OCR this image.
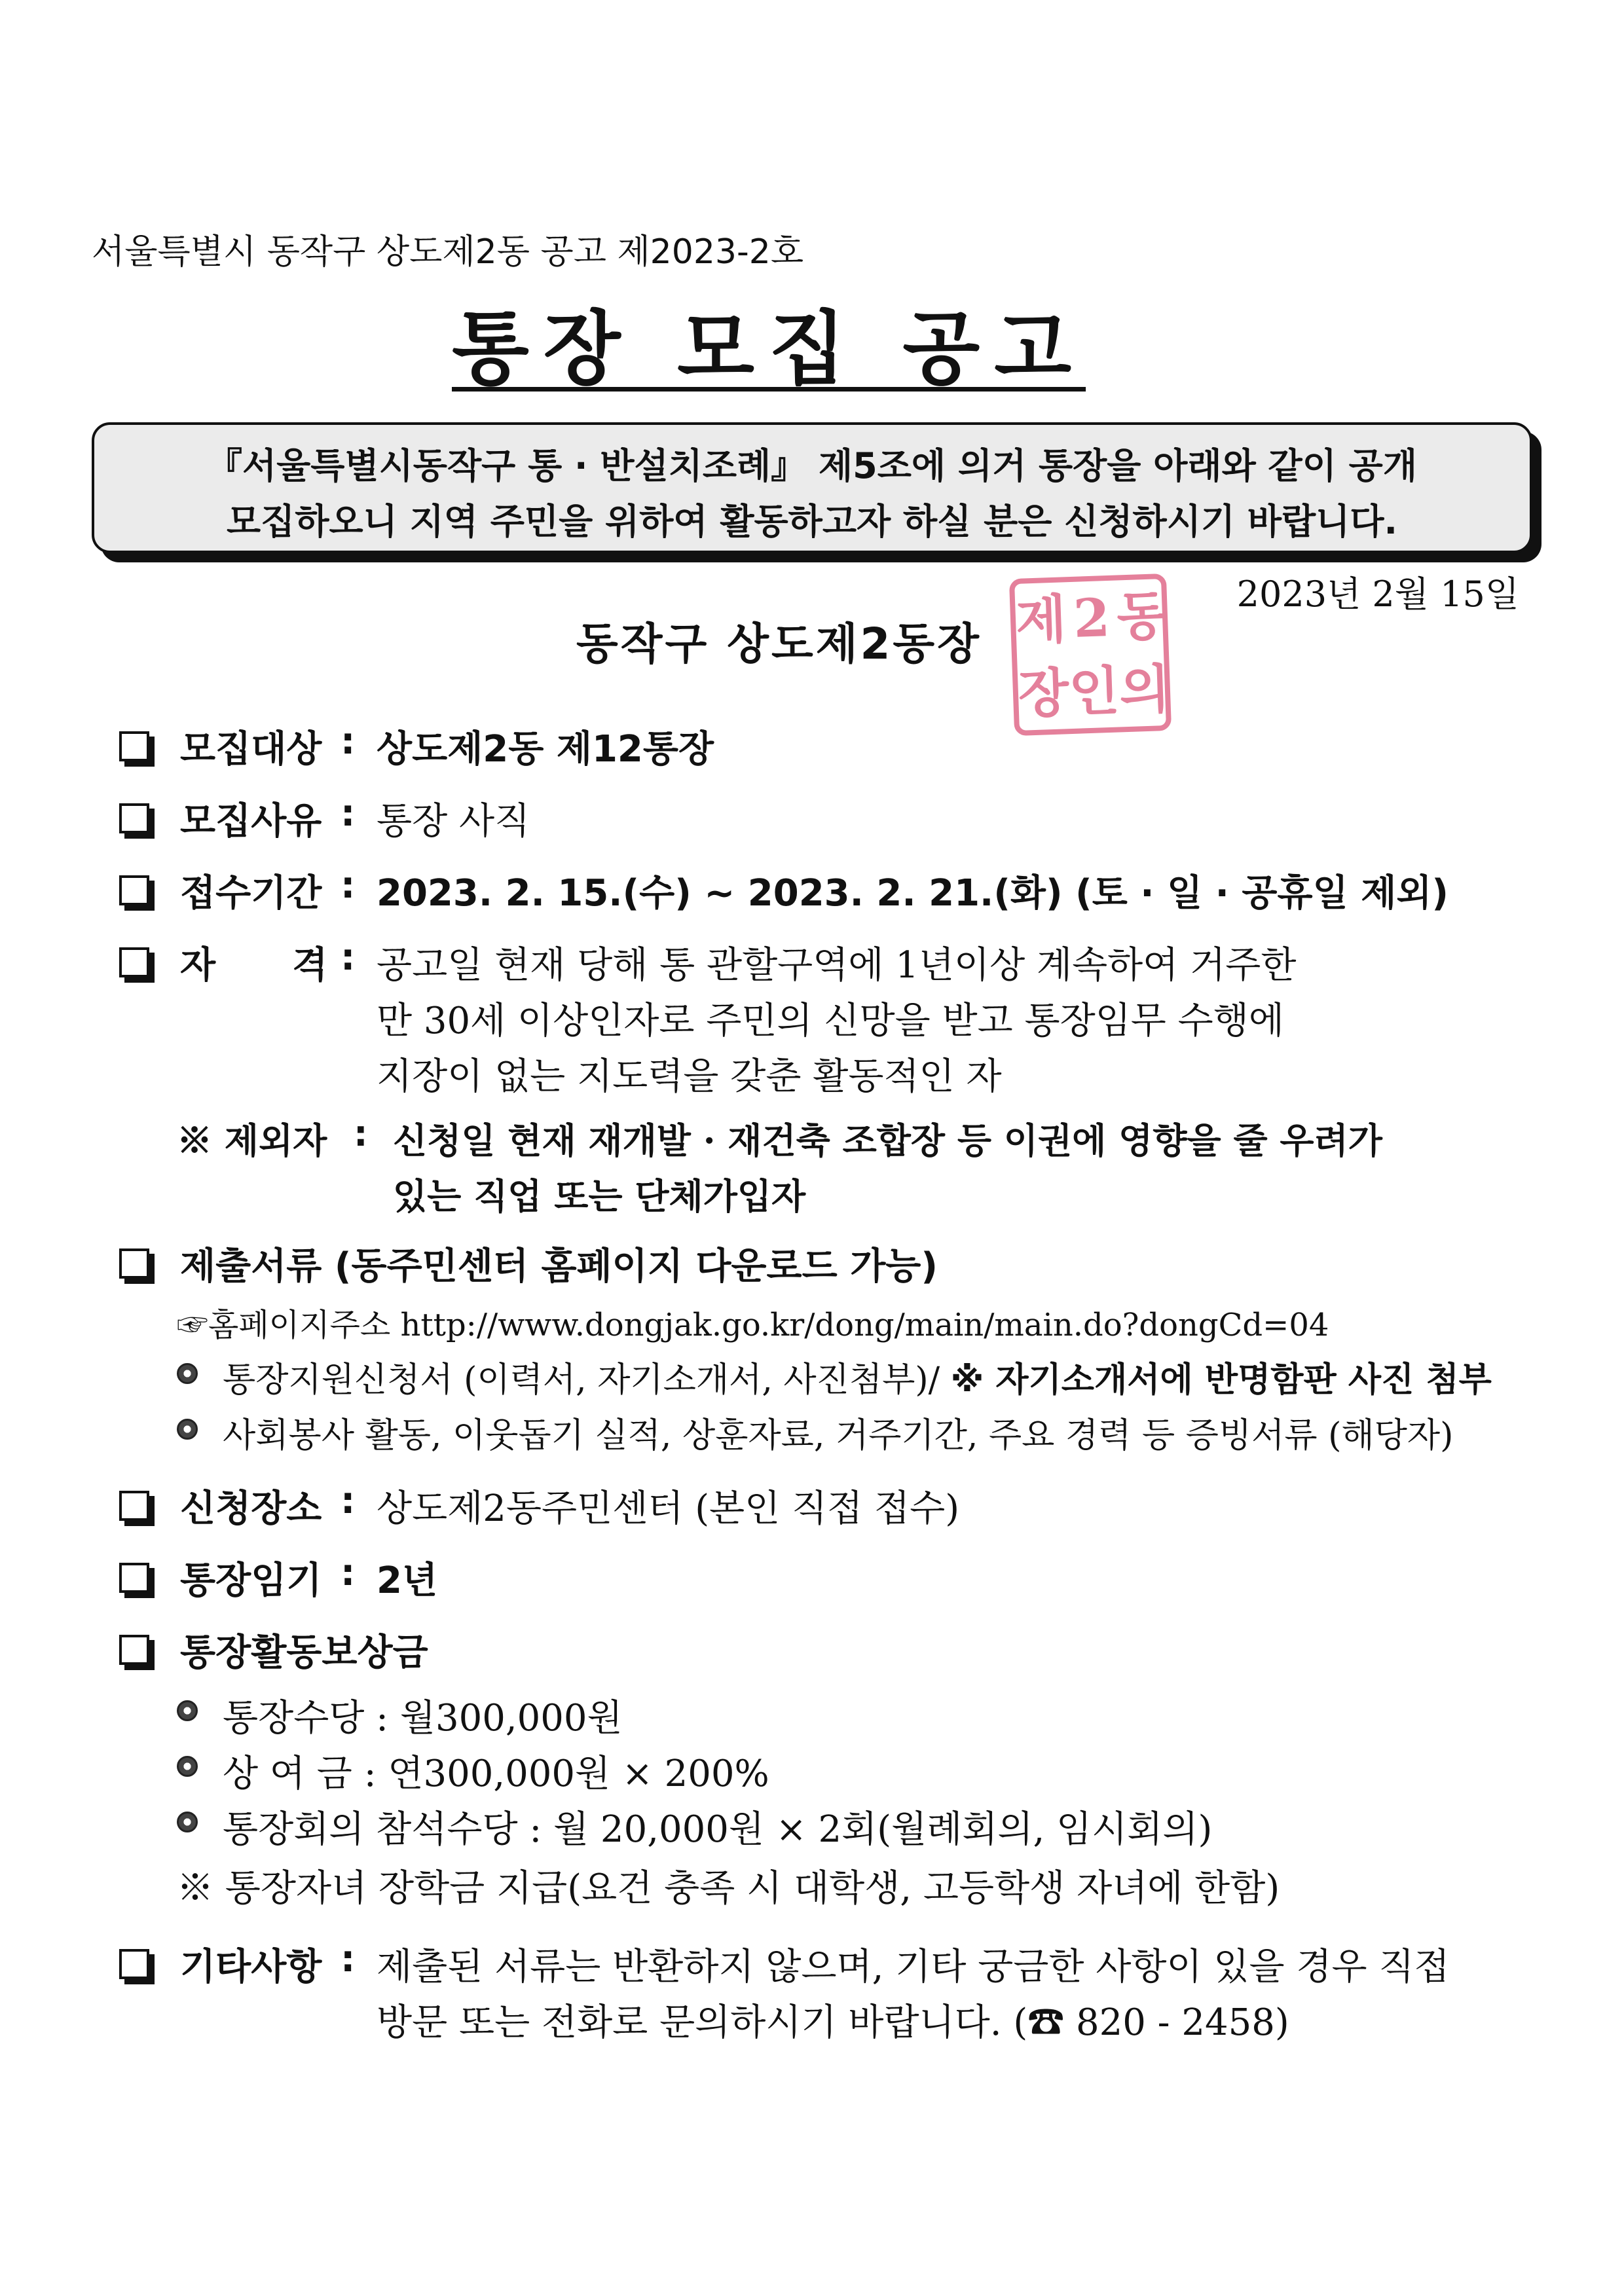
서울특별시 동작구 상도제2동 공고 제2023-2호
통장 모집 공고
『서울특별시동작구 통 · 반설치조례』 제5조에 의거 통장을 아래와 같이 공개
모집하오니 지역 주민을 위하여 활동하고자 하실 분은 신청하시기 바랍니다.
2023년 2월 15일
동작구 상도제2동장 제 2 동
장
인
의
모집대상 : 상도제2동 제12통장
모집사유 : 통장 사직
접수기간 : 2023. 2. 15.(수) ~ 2023. 2. 21.(화) (토 · 일 · 공휴일 제외)
자      격 : 공고일 현재 당해 통 관할구역에 1년이상 계속하여 거주한
만 30세 이상인자로 주민의 신망을 받고 통장임무 수행에
지장이 없는 지도력을 갖춘 활동적인 자
※ 제외자 : 신청일 현재 재개발 · 재건축 조합장 등 이권에 영향을 줄 우려가
있는 직업 또는 단체가입자
제출서류 (동주민센터 홈페이지 다운로드 가능)
☞홈페이지주소 http://www.dongjak.go.kr/dong/main/main.do?dongCd=04
통장지원신청서 (이력서, 자기소개서, 사진첨부)/ ※ 자기소개서에 반명함판 사진 첨부
사회봉사 활동, 이웃돕기 실적, 상훈자료, 거주기간, 주요 경력 등 증빙서류 (해당자)
신청장소 : 상도제2동주민센터 (본인 직접 접수)
통장임기 : 2년
통장활동보상금
통장수당 : 월300,000원
상 여 금 : 연300,000원 × 200%
통장회의 참석수당 : 월 20,000원 × 2회(월례회의, 임시회의)
※ 통장자녀 장학금 지급(요건 충족 시 대학생, 고등학생 자녀에 한함)
기타사항 : 제출된 서류는 반환하지 않으며, 기타 궁금한 사항이 있을 경우 직접
방문 또는 전화로 문의하시기 바랍니다. (☎ 820 - 2458)
